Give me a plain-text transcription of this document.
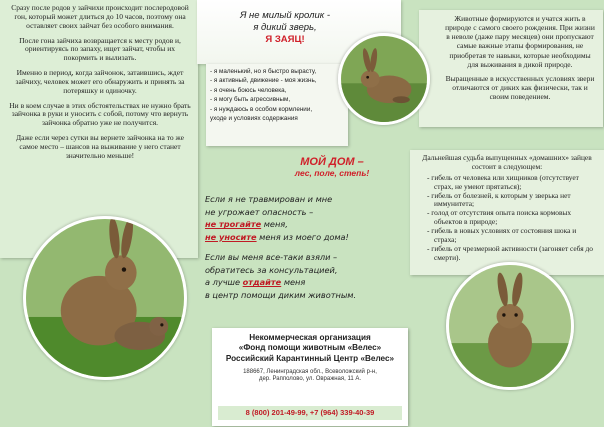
Сразу после родов у зайчихи происходит послеродовой гон, который может длиться до 10 часов, поэтому она оставляет своих зайчат без особого внимания.

После гона зайчиха возвращается к месту родов и, ориентируясь по запаху, ищет зайчат, чтобы их покормить и вылизать.

Именно в период, когда зайчонок, затаившись, ждет зайчиху, человек может его обнаружить и принять за потеряшку и одиночку.

Ни в коем случае в этих обстоятельствах не нужно брать зайчонка в руки и уносить с собой, потому что вернуть зайчонка обратно уже не получится.

Даже если через сутки вы вернете зайчонка на то же самое место – шансов на выживание у него станет значительно меньше!

Я не милый кролик -
я дикий зверь,
Я ЗАЯЦ!
- я маленький, но я быстро вырасту,
- я активный, движение - моя жизнь,
- я очень боюсь человека,
- я могу быть агрессивным,
- я нуждаюсь в особом кормлении,
уходе и условиях содержания

Животные формируются и учатся жить в природе с самого своего рождения. При жизни в неволе (даже пару месяцев) они пропускают самые важные этапы формирования, не приобретая те навыки, которые необходимы для выживания в дикой природе.

Выращенные в искусственных условиях звери отличаются от диких как физически, так и своим поведением.

Дальнейшая судьба выпущенных «домашних» зайцев состоит в следующем:
- гибель от человека или хищников (отсутствует страх, не умеют прятаться);
- гибель от болезней, к которым у зверька нет иммунитета;
- голод от отсутствия опыта поиска кормовых объектов в природе;
- гибель в новых условиях от состояния шока и страха;
- гибель от чрезмерной активности (загоняет себя до смерти).
МОЙ ДОМ –
лес, поле, степь!
Если я не травмирован и мне
не угрожает опасность –
не трогайте меня,
не уносите меня из моего дома!
Если вы меня все-таки взяли –
обратитесь за консультацией,
а лучше отдайте меня
в центр помощи диким животным.
Некоммерческая организация
«Фонд помощи животным «Велес»
Российский Карантинный Центр «Велес»
188667, Ленинградская обл., Всеволожский р-н,
дер. Рапполово, ул. Овражная, 11 А.
8 (800) 201-49-99, +7 (964) 339-40-39
